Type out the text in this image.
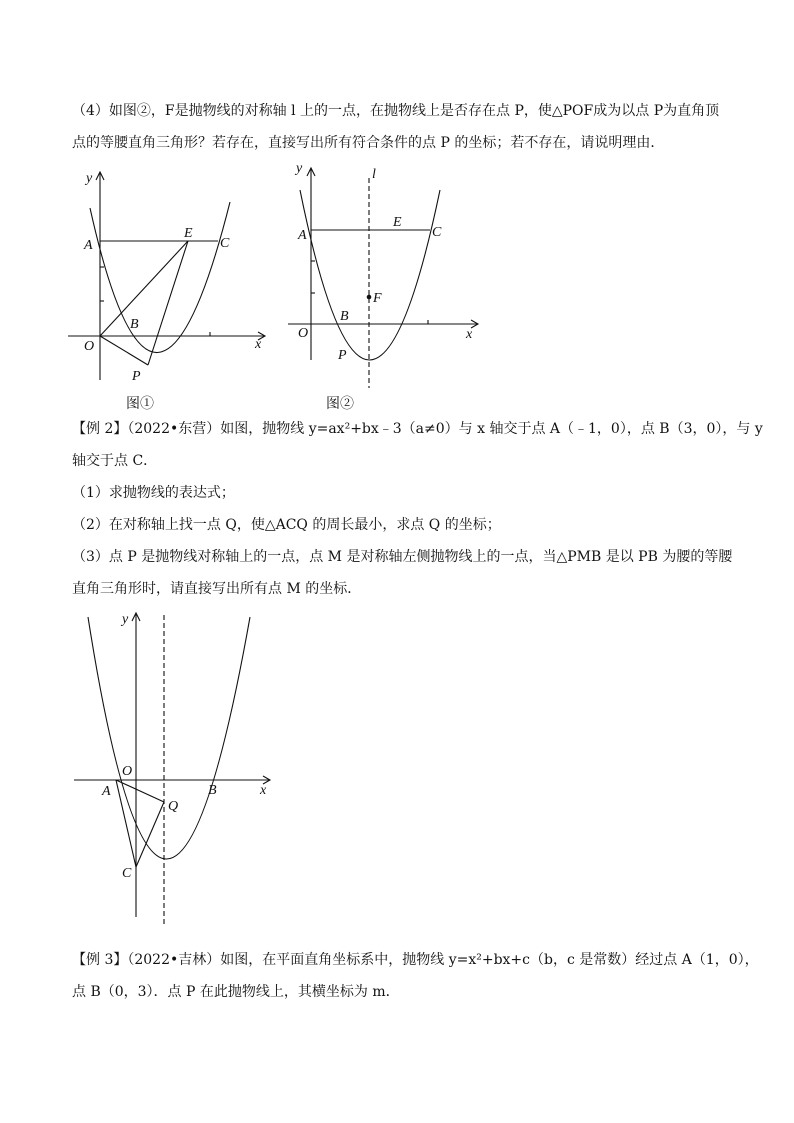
（4）如图②，F是抛物线的对称轴 l 上的一点，在抛物线上是否存在点 P，使△POF成为以点 P为直角顶
点的等腰直角三角形？若存在，直接写出所有符合条件的点 P 的坐标；若不存在，请说明理由．
y
x
O
A
E
C
B
P
图①
y	l
x
O
A
E
C
F
B
P
图②
【例 2】（2022•东营）如图，抛物线 y=ax²+bx﹣3（a≠0）与 x 轴交于点 A（﹣1，0），点 B（3，0），与 y
轴交于点 C．
（1）求抛物线的表达式；
（2）在对称轴上找一点 Q，使△ACQ 的周长最小，求点 Q 的坐标；
（3）点 P 是抛物线对称轴上的一点，点 M 是对称轴左侧抛物线上的一点，当△PMB 是以 PB 为腰的等腰
直角三角形时，请直接写出所有点 M 的坐标．
y
x
O
A	B
Q
C
【例 3】（2022•吉林）如图，在平面直角坐标系中，抛物线 y=x²+bx+c（b，c 是常数）经过点 A（1，0），
点 B（0，3）．点 P 在此抛物线上，其横坐标为 m．
